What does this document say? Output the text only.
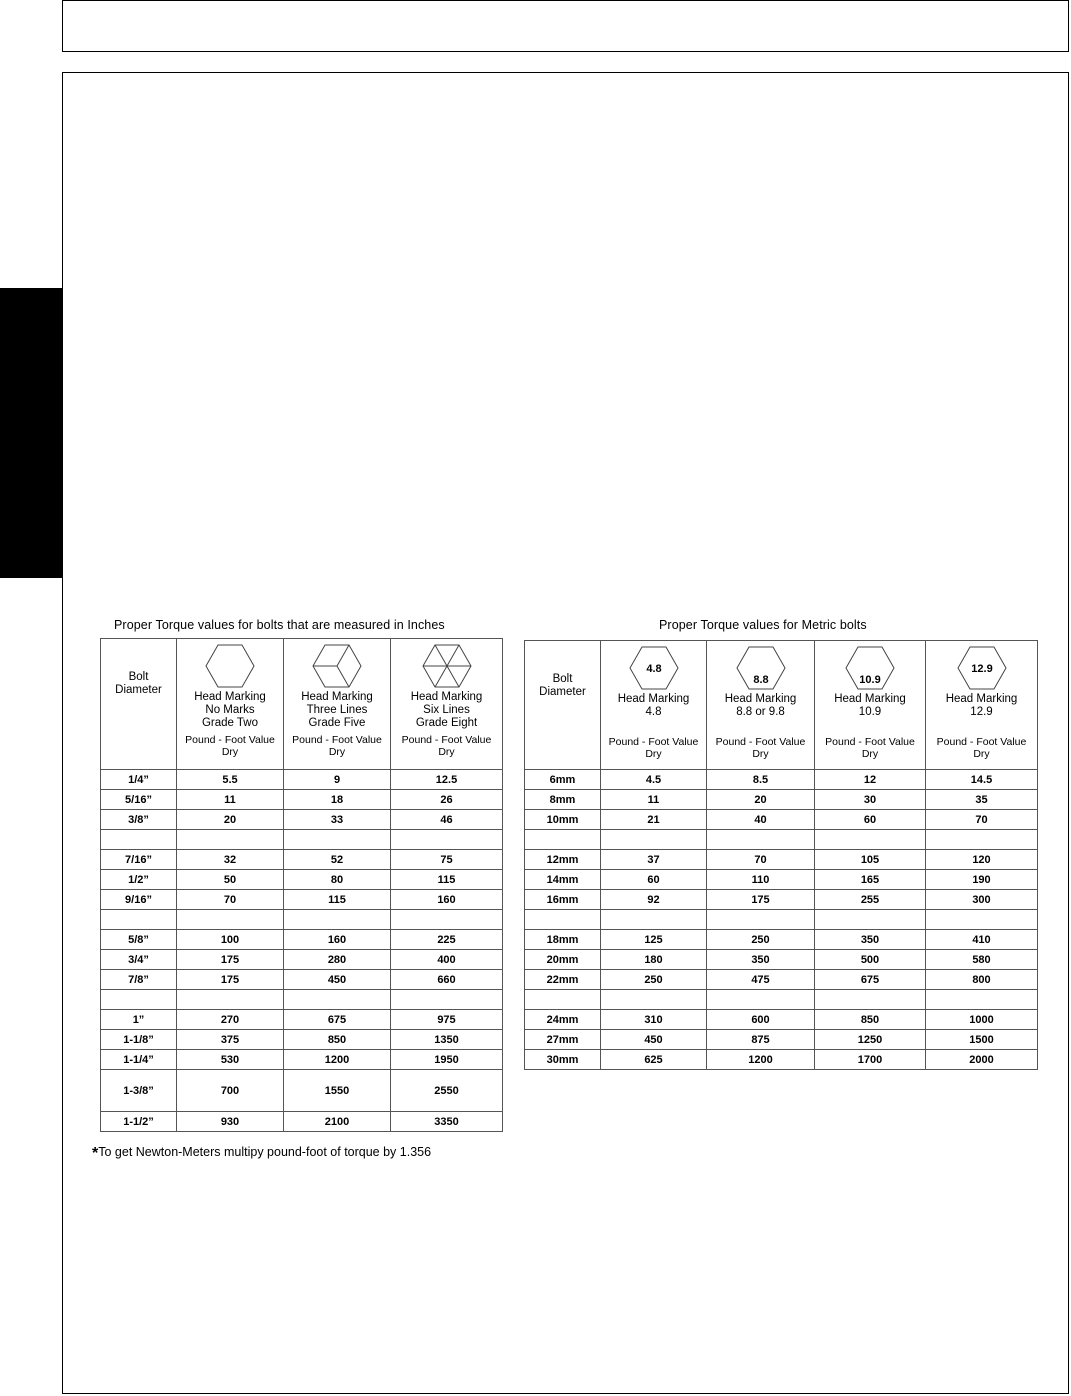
Proper Torque values for bolts that are measured in Inches
Bolt
Diameter	Head Marking
No Marks
Grade Two
Pound - Foot Value
Dry	Head Marking
Three Lines
Grade Five
Pound - Foot Value
Dry	Head Marking
Six Lines
Grade Eight
Pound - Foot Value
Dry

1/4”	5.5	9	12.5
5/16”	11	18	26
3/8”	20	33	46

7/16”	32	52	75
1/2”	50	80	115
9/16”	70	115	160

5/8”	100	160	225
3/4”	175	280	400
7/8”	175	450	660

1”	270	675	975
1-1/8”	375	850	1350
1-1/4”	530	1200	1950
1-3/8”	700	1550	2550
1-1/2”	930	2100	3350
Proper Torque values for Metric bolts
Bolt
Diameter	4.8
Head Marking
4.8
Pound - Foot Value
Dry	8.8
Head Marking
8.8 or 9.8
Pound - Foot Value
Dry	10.9
Head Marking
10.9
Pound - Foot Value
Dry	12.9
Head Marking
12.9
Pound - Foot Value
Dry

6mm	4.5	8.5	12	14.5
8mm	11	20	30	35
10mm	21	40	60	70

12mm	37	70	105	120
14mm	60	110	165	190
16mm	92	175	255	300

18mm	125	250	350	410
20mm	180	350	500	580
22mm	250	475	675	800

24mm	310	600	850	1000
27mm	450	875	1250	1500
30mm	625	1200	1700	2000
*To get Newton-Meters multipy pound-foot of torque by 1.356
